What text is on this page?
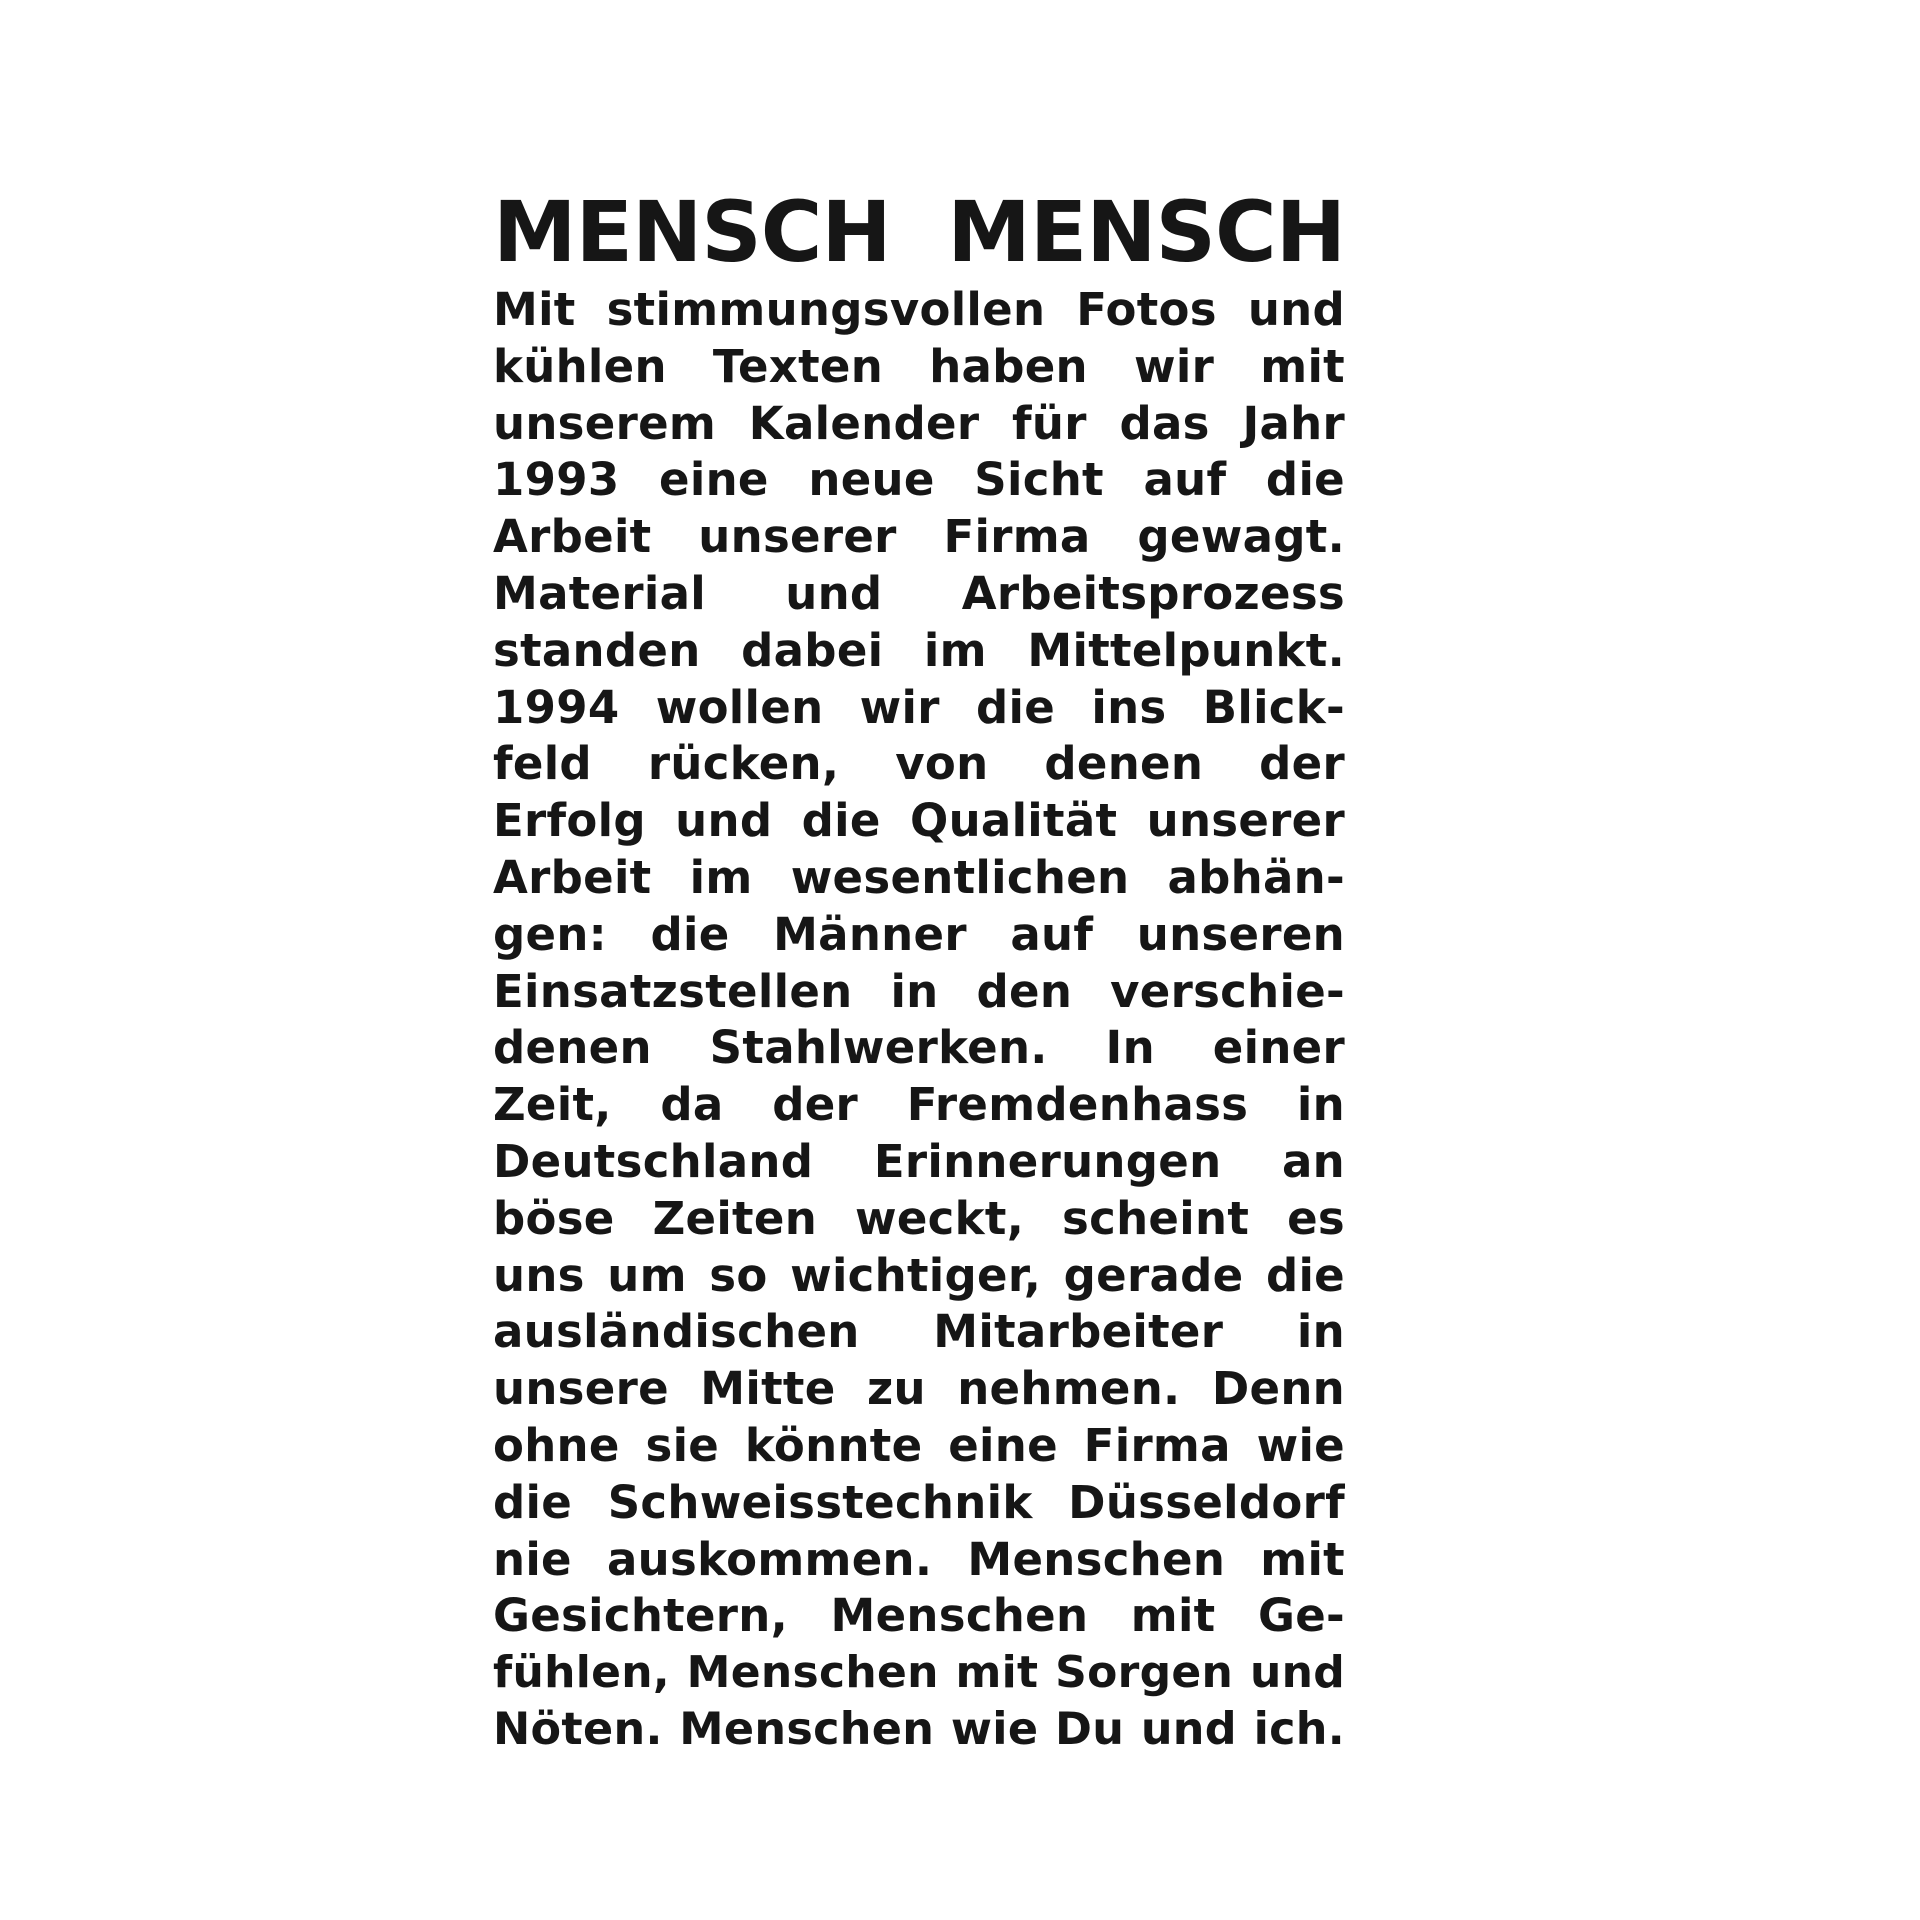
MENSCH MENSCH
Mit stimmungsvollen Fotos und
kühlen Texten haben wir mit
unserem Kalender für das Jahr
1993 eine neue Sicht auf die
Arbeit unserer Firma gewagt.
Material und Arbeitsprozess
standen dabei im Mittelpunkt.
1994 wollen wir die ins Blick-
feld rücken, von denen der
Erfolg und die Qualität unserer
Arbeit im wesentlichen abhän-
gen: die Männer auf unseren
Einsatzstellen in den verschie-
denen Stahlwerken. In einer
Zeit, da der Fremdenhass in
Deutschland Erinnerungen an
böse Zeiten weckt, scheint es
uns um so wichtiger, gerade die
ausländischen Mitarbeiter in
unsere Mitte zu nehmen. Denn
ohne sie könnte eine Firma wie
die Schweisstechnik Düsseldorf
nie auskommen. Menschen mit
Gesichtern, Menschen mit Ge-
fühlen, Menschen mit Sorgen und
Nöten. Menschen wie Du und ich.
